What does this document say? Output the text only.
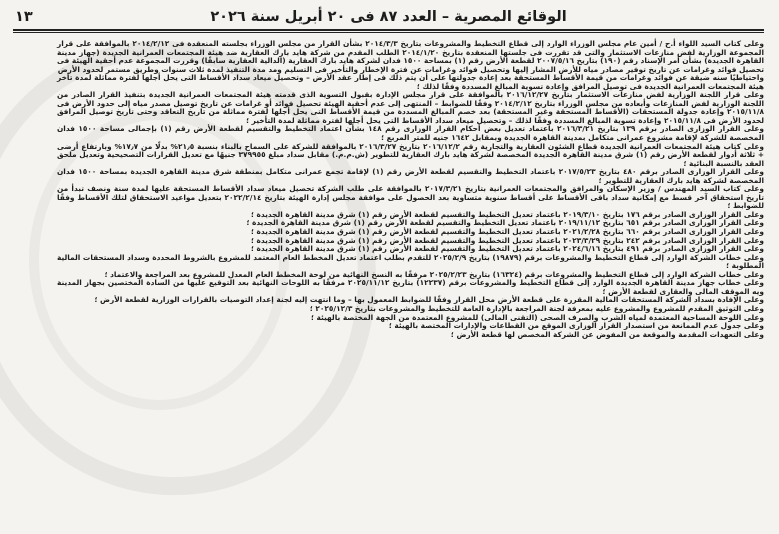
١٣	الوقائع المصرية – العدد ٨٧ فى ٢٠ أبريل سنة ٢٠٢٦

وعلى كتاب السيد اللواء أ.ح / أمين عام مجلس الوزراء الوارد إلى قطاع التخطيط والمشروعات بتاريخ ٢٠١٤/٣/٣ بشأن القرار من مجلس الوزراء بجلسته المنعقدة فى ٢٠١٤/٢/١٢ بالموافقة على قرار المجموعة الوزارية لفض منازعات الاستثمار والتى قد تقررت فى جلستها المنعقدة بتاريخ ٢٠١٤/١/٢٠ الطلب المقدم من شركة هايد بارك العقارية ضد هيئة المجتمعات العمرانية الجديدة (جهاز مدينة القاهرة الجديدة) بشأن أمر الإسناد رقم (١٩٠) بتاريخ ٢٠٠٧/٥/١٦ لقطعة الأرض رقم (١) بمساحة ١٥٠٠ فدان لشركة هايد بارك العقارية (الدالية العقارية سابقًا) وقررت المجموعة عدم أحقية الهيئة فى تحصيل فوائد وغرامات عن تاريخ توفير مصادر مياه للأرض المشار إليها وتحصيل فوائد وغرامات عن فترة الإخطار والتأخير فى التسليم ومد مدة التنفيذ لمدة ثلاث سنوات وطريق مستمر لحدود الأرض

واحتياطيًا سنه ضيقة عن فوائد وغرامات من قيمة الأقساط المستحقة بعد إعادة جدولتها على أن يتم ذلك فى إطار عقد الأرض – وتحصيل ميعاد سداد الأقساط التى يحل أجلها لفترة مماثلة لمدة تأخر هيئة المجتمعات العمرانية الجديدة فى توصيل المرافق وإعادة تسوية المبالغ المسددة وفقًا لذلك ؛

وعلى قرار اللجنة الوزارية لفض منازعات الاستثمار بتاريخ ٢٠١٦/١٢/٢٧ بالموافقة على قرار مجلس الإدارة بقبول التسوية الذى قدمته هيئة المجتمعات العمرانية الجديدة بتنفيذ القرار الصادر من اللجنة الوزارية لفض المنازعات وأبعاده من مجلس الوزراء بتاريخ ٢٠١٤/٢/١٢ وفقًا للضوابط – المنتهى إلى عدم أحقية الهيئة تحصيل فوائد أو غرامات عن تاريخ توصيل مصدر مياه إلى حدود الأرض فى ٢٠١٥/١١/٨ وإعادة جدولة المستحقات (الأقساط المستحقة وغير المستحقة) بعد خصم المبالغ المسددة من قيمة الأقساط التى يحل أجلها لفترة مماثلة من تاريخ التعاقد وحتى تاريخ توصيل المرافق لحدود الأرض فى ٢٠١٥/١١/٨ وإعادة تسوية المبالغ المسددة وفقًا لذلك – وتحصيل ميعاد سداد الأقساط التى يحل أجلها لفترة مماثلة لمدة التأخير ؛

وعلى القرار الوزارى الصادر برقم ١٣٩ بتاريخ ٢٠١٦/٣/٢١ باعتماد تعديل بعض أحكام القرار الوزارى رقم ١٤٨ بشأن اعتماد التخطيط والتقسيم لقطعة الأرض رقم (١) بإجمالى مساحة ١٥٠٠ فدان المخصصة للشركة لإقامة مشروع عمرانى متكامل بمدينة القاهرة الجديدة وبمقابل ١٦٤٢ جنيه للمتر المربع ؛

وعلى كتاب هيئة المجتمعات العمرانية الجديدة قطاع الشئون العقارية والتجارية رقم ٢٠١٦/١٢/٢ بتاريخ ٢٠١٦/٣/٢٧ بالموافقة للشركة على السماح بالبناء بنسبة ٢١٫٥% بدلًا من ١٧٫٧% وبارتفاع أرضى + ثلاثة أدوار لقطعة الأرض رقم (١) شرق مدينة القاهرة الجديدة المخصصة لشركة هايد بارك العقارية للتطوير (ش.م.م.) مقابل سداد مبلغ ٣٧٩٩٥٥ جنيهًا مع تعديل القرارات التصحيحية وتعديل ملحق العقد بالنسبة البنائية ؛

وعلى القرار الوزارى الصادر برقم ٤٨٠ بتاريخ ٢٠١٧/٥/٢٣ باعتماد التخطيط والتقسيم لقطعة الأرض رقم (١) لإقامة تجمع عمرانى متكامل بمنطقة شرق مدينة القاهرة الجديدة بمساحة ١٥٠٠ فدان المخصصة لشركة هايد بارك العقارية للتطوير ؛

وعلى كتاب السيد المهندس / وزير الإسكان والمرافق والمجتمعات العمرانية بتاريخ ٢٠١٧/٣/٢١ بالموافقة على طلب الشركة تحصيل ميعاد سداد الأقساط المستحقة عليها لمدة سنة ونصف تبدأ من تاريخ استحقاق آخر قسط مع إمكانية سداد باقى الأقساط على أقساط سنوية متساوية بعد الحصول على موافقة مجلس إدارة الهيئة بتاريخ ٢٠٢٢/٢/١٤ بتعديل مواعيد الاستحقاق لتلك الأقساط وفقًا للضوابط ؛

وعلى القرار الوزارى الصادر برقم ١٧٦ بتاريخ ٢٠١٩/٣/١٠ باعتماد تعديل التخطيط والتقسيم لقطعة الأرض رقم (١) شرق مدينة القاهرة الجديدة ؛

وعلى القرار الوزارى الصادر برقم ٦٥١ بتاريخ ٢٠١٩/١١/١٢ باعتماد تعديل التخطيط والتقسيم لقطعة الأرض رقم (١) شرق مدينة القاهرة الجديدة ؛

وعلى القرار الوزارى الصادر برقم ٦٦٠ بتاريخ ٢٠٢١/٢/٢٨ باعتماد تعديل التخطيط والتقسيم لقطعة الأرض رقم (١) شرق مدينة القاهرة الجديدة ؛

وعلى القرار الوزارى الصادر برقم ٢٤٢ بتاريخ ٢٠٢٣/٣/٢٩ باعتماد تعديل التخطيط والتقسيم لقطعة الأرض رقم (١) شرق مدينة القاهرة الجديدة ؛

وعلى القرار الوزارى الصادر برقم ٤٩١ بتاريخ ٢٠٢٤/٦/١٦ باعتماد تعديل التخطيط والتقسيم لقطعة الأرض رقم (١) شرق مدينة القاهرة الجديدة ؛

وعلى خطاب الشركة الوارد إلى قطاع التخطيط والمشروعات برقم (١٩٨٧٩) بتاريخ ٢٠٢٥/٢/٩ للتقدم بطلب اعتماد تعديل المخطط العام المعتمد للمشروع بالشروط المحددة وسداد المستحقات المالية المطلوبة ؛

وعلى خطاب الشركة الوارد إلى قطاع التخطيط والمشروعات برقم (١٦٣٢٤) بتاريخ ٢٠٢٥/٢/٢٣ مرفقًا به النسخ النهائية من لوحة المخطط العام المعدل للمشروع بعد المراجعة والاعتماد ؛

وعلى خطاب جهاز مدينة القاهرة الجديدة الوارد إلى قطاع التخطيط والمشروعات برقم (١٢٢٣٧) بتاريخ ٢٠٢٥/١١/١٢ مرفقًا به اللوحات النهائية بعد التوقيع عليها من السادة المختصين بجهاز المدينة ويه الموقف المالى والعقارى لقطعة الأرض ؛

وعلى الإفادة بسداد الشركة المستحقات المالية المقررة على قطعة الأرض محل القرار وفقًا للضوابط المعمول بها – وما انتهت إليه لجنة إعداد التوصيات بالقرارات الوزارية لقطعة الأرض ؛

وعلى التوثيق المقدم للمشروع والمشروع عليه بمعرفة لجنة المراجعة بالإدارة العامة للتخطيط والمشروعات بتاريخ ٢٠٢٥/١٢/٣ ؛

وعلى اللوحة المساحية المعتمدة لمياه الشرب والصرف الصحى (التقنى المالى) للمشروع المعتمدة من الجهة المختصة بالهيئة ؛

وعلى جدول عدم الممانعة من استصدار القرار الوزارى الموقع من القطاعات والإدارات المختصة بالهيئة ؛

وعلى التعهدات المقدمة والموقعة من المفوض عن الشركة المخصص لها قطعة الأرض ؛
